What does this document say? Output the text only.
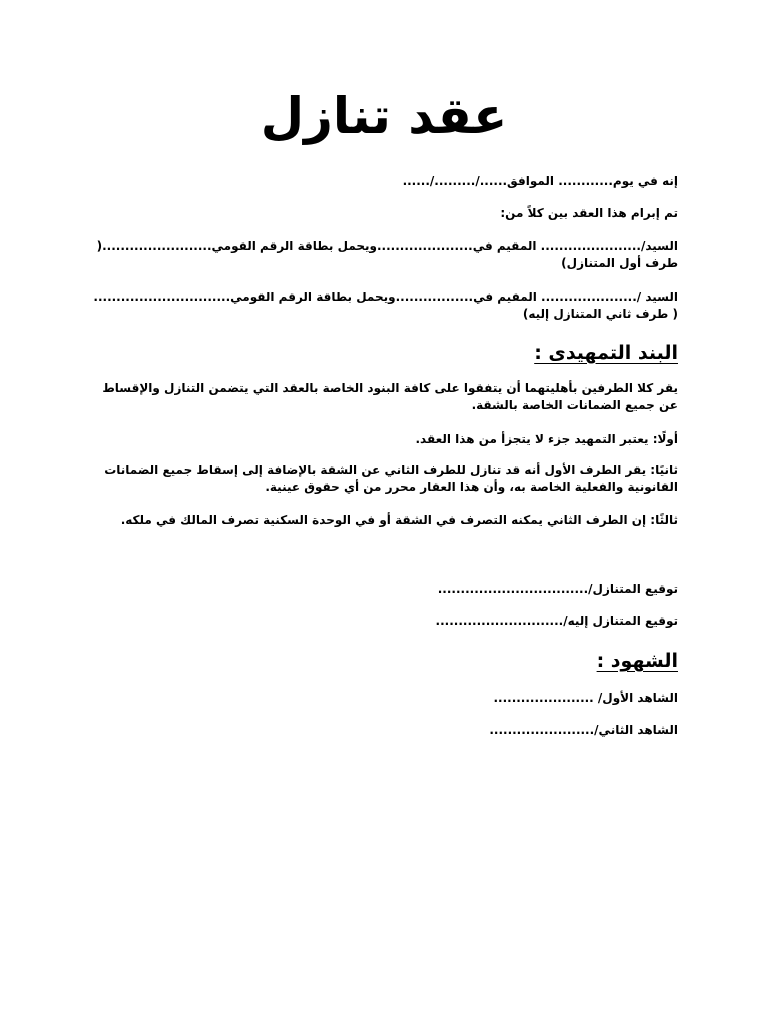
عقد تنازل

إنه في يوم............ الموافق....../........./......

تم إبرام هذا العقد بين كلاً من:

السيد/...................... المقيم في.....................ويحمل بطاقة الرقم القومي........................( طرف أول المتنازل)

السيد /..................... المقيم في.................ويحمل بطاقة الرقم القومي.............................. ( طرف ثاني المتنازل إليه)

البند التمهيدى :

يقر كلا الطرفين بأهليتهما أن يتفقوا على كافة البنود الخاصة بالعقد التي يتضمن التنازل والإقساط عن جميع الضمانات الخاصة بالشقة.

أولًا: يعتبر التمهيد جزء لا يتجزأ من هذا العقد.

ثانيًا: يقر الطرف الأول أنه قد تنازل للطرف الثاني عن الشقة بالإضافة إلى إسقاط جميع الضمانات القانونية والفعلية الخاصة به، وأن هذا العقار محرر من أي حقوق عينية.

ثالثًا: إن الطرف الثاني يمكنه التصرف في الشقة أو في الوحدة السكنية تصرف المالك في ملكه.

توقيع المتنازل/.................................

توقيع المتنازل إليه/............................

الشهود :

الشاهد الأول/ ......................

الشاهد الثاني/.......................
